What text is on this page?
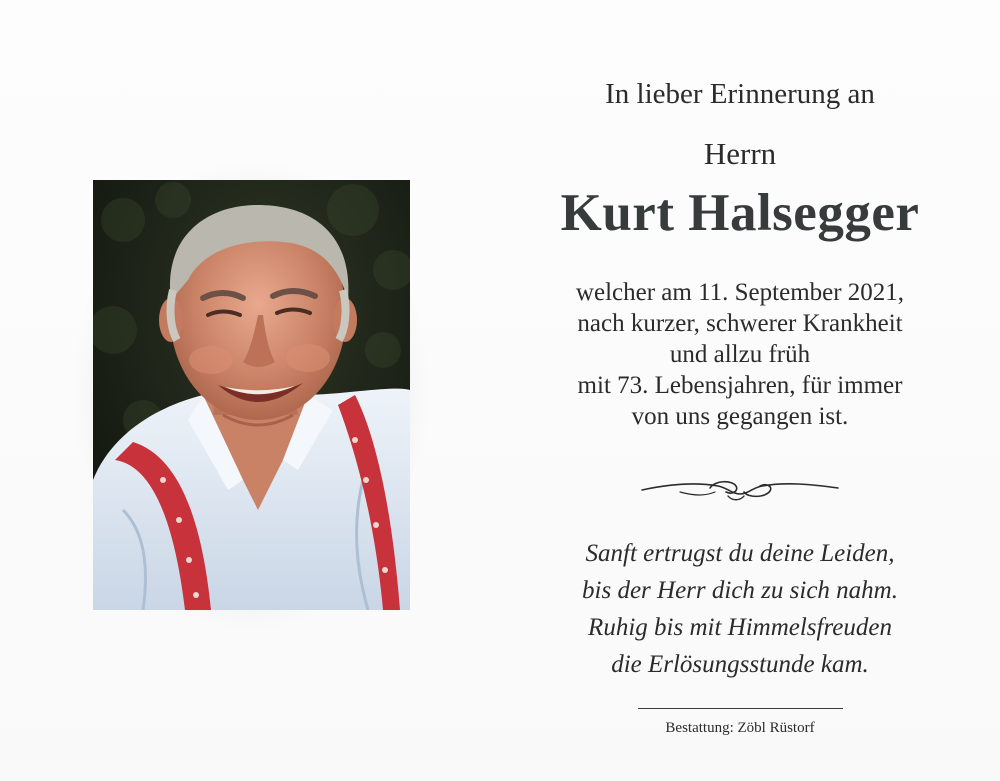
In lieber Erinnerung an
Herrn
Kurt Halsegger
welcher am 11. September 2021,
nach kurzer, schwerer Krankheit
und allzu früh
mit 73. Lebensjahren, für immer
von uns gegangen ist.
Sanft ertrugst du deine Leiden,
bis der Herr dich zu sich nahm.
Ruhig bis mit Himmelsfreuden
die Erlösungsstunde kam.
Bestattung: Zöbl Rüstorf
